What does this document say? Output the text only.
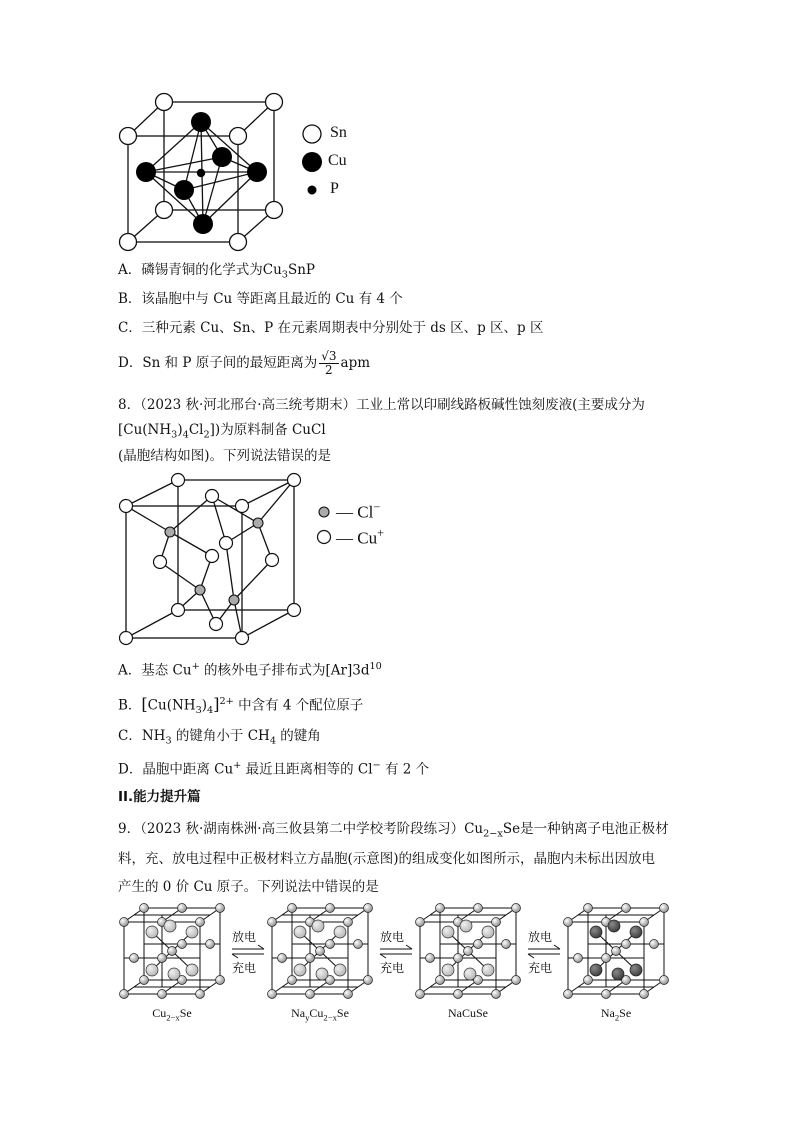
Sn
Cu
P
A．磷锡青铜的化学式为$Cu_3SnP$
B．该晶胞中与 Cu 等距离且最近的 Cu 有 4 个
C．三种元素 Cu、Sn、P 在元素周期表中分别处于 ds 区、p 区、p 区
D．Sn 和 P 原子间的最短距离为 $\frac{√3}{2}$ apm
8．（2023 秋·河北邢台·高三统考期末）工业上常以印刷线路板碱性蚀刻废液(主要成分为
$[Cu(NH_3)_4Cl_2]$)为原料制备 CuCl
(晶胞结构如图)。下列说法错误的是
— Cl−
— Cu+
A．基态 Cu+ 的核外电子排布式为$[Ar]3d^{10}$
B．$[Cu(NH_3)_4]^{2+}$ 中含有 4 个配位原子
C．$NH_3$ 的键角小于 $CH_4$ 的键角
D．晶胞中距离 Cu+ 最近且距离相等的 Cl− 有 2 个
II.能力提升篇
9．（2023 秋·湖南株洲·高三攸县第二中学校考阶段练习）$Cu_{2-x}Se$是一种钠离子电池正极材
料，充、放电过程中正极材料立方晶胞(示意图)的组成变化如图所示，晶胞内未标出因放电
产生的 0 价 Cu 原子。下列说法中错误的是
放电
充电
放电
充电
放电
充电
$Cu_{2-x}Se$	$Na_yCu_{2-x}Se$	NaCuSe	$Na_2Se$
